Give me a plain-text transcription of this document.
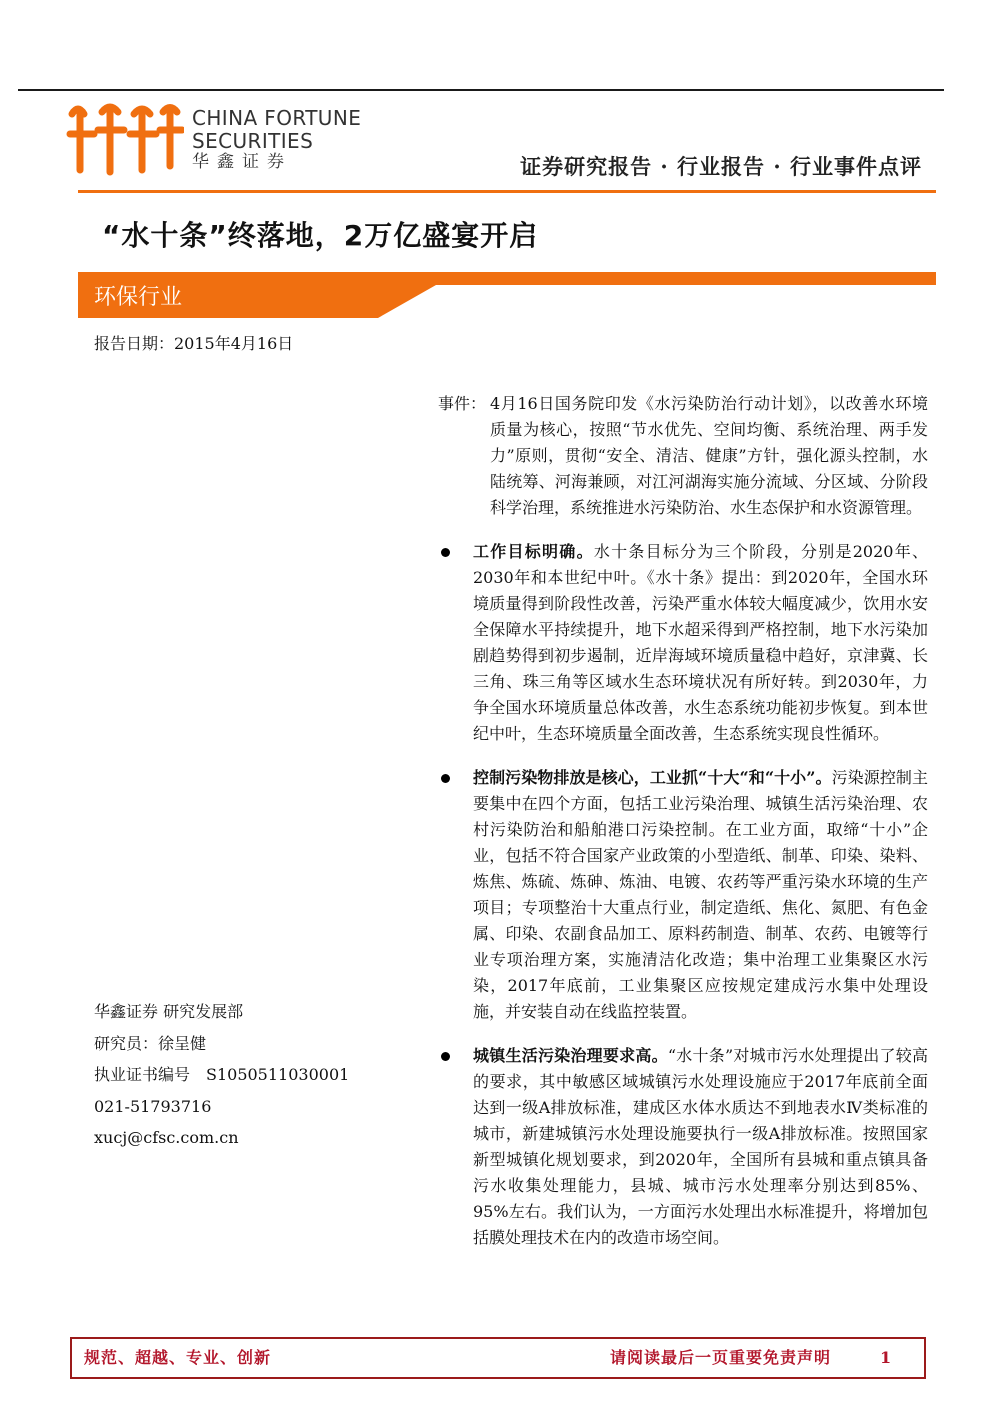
CHINA FORTUNE
SECURITIES
华鑫证券	证券研究报告 · 行业报告 · 行业事件点评
“水十条”终落地，2万亿盛宴开启
环保行业
报告日期：2015年4月16日
华鑫证券 研究发展部
研究员：徐呈健
执业证书编号　S1050511030001
021-51793716
xucj@cfsc.com.cn
事件： 4月16日国务院印发《水污染防治行动计划》，以改善水环境质量为核心，按照“节水优先、空间均衡、系统治理、两手发力”原则，贯彻“安全、清洁、健康”方针，强化源头控制，水陆统筹、河海兼顾，对江河湖海实施分流域、分区域、分阶段科学治理，系统推进水污染防治、水生态保护和水资源管理。
工作目标明确。水十条目标分为三个阶段，分别是2020年、2030年和本世纪中叶。《水十条》提出：到2020年，全国水环境质量得到阶段性改善，污染严重水体较大幅度减少，饮用水安全保障水平持续提升，地下水超采得到严格控制，地下水污染加剧趋势得到初步遏制，近岸海域环境质量稳中趋好，京津冀、长三角、珠三角等区域水生态环境状况有所好转。到2030年，力争全国水环境质量总体改善，水生态系统功能初步恢复。到本世纪中叶，生态环境质量全面改善，生态系统实现良性循环。
控制污染物排放是核心，工业抓“十大“和“十小”。污染源控制主要集中在四个方面，包括工业污染治理、城镇生活污染治理、农村污染防治和船舶港口污染控制。在工业方面，取缔“十小”企业，包括不符合国家产业政策的小型造纸、制革、印染、染料、炼焦、炼硫、炼砷、炼油、电镀、农药等严重污染水环境的生产项目；专项整治十大重点行业，制定造纸、焦化、氮肥、有色金属、印染、农副食品加工、原料药制造、制革、农药、电镀等行业专项治理方案，实施清洁化改造；集中治理工业集聚区水污染，2017年底前，工业集聚区应按规定建成污水集中处理设施，并安装自动在线监控装置。
城镇生活污染治理要求高。“水十条”对城市污水处理提出了较高的要求，其中敏感区域城镇污水处理设施应于2017年底前全面达到一级A排放标准，建成区水体水质达不到地表水Ⅳ类标准的城市，新建城镇污水处理设施要执行一级A排放标准。按照国家新型城镇化规划要求，到2020年，全国所有县城和重点镇具备污水收集处理能力，县城、城市污水处理率分别达到85%、95%左右。我们认为，一方面污水处理出水标准提升，将增加包括膜处理技术在内的改造市场空间。
规范、超越、专业、创新	请阅读最后一页重要免责声明	1
